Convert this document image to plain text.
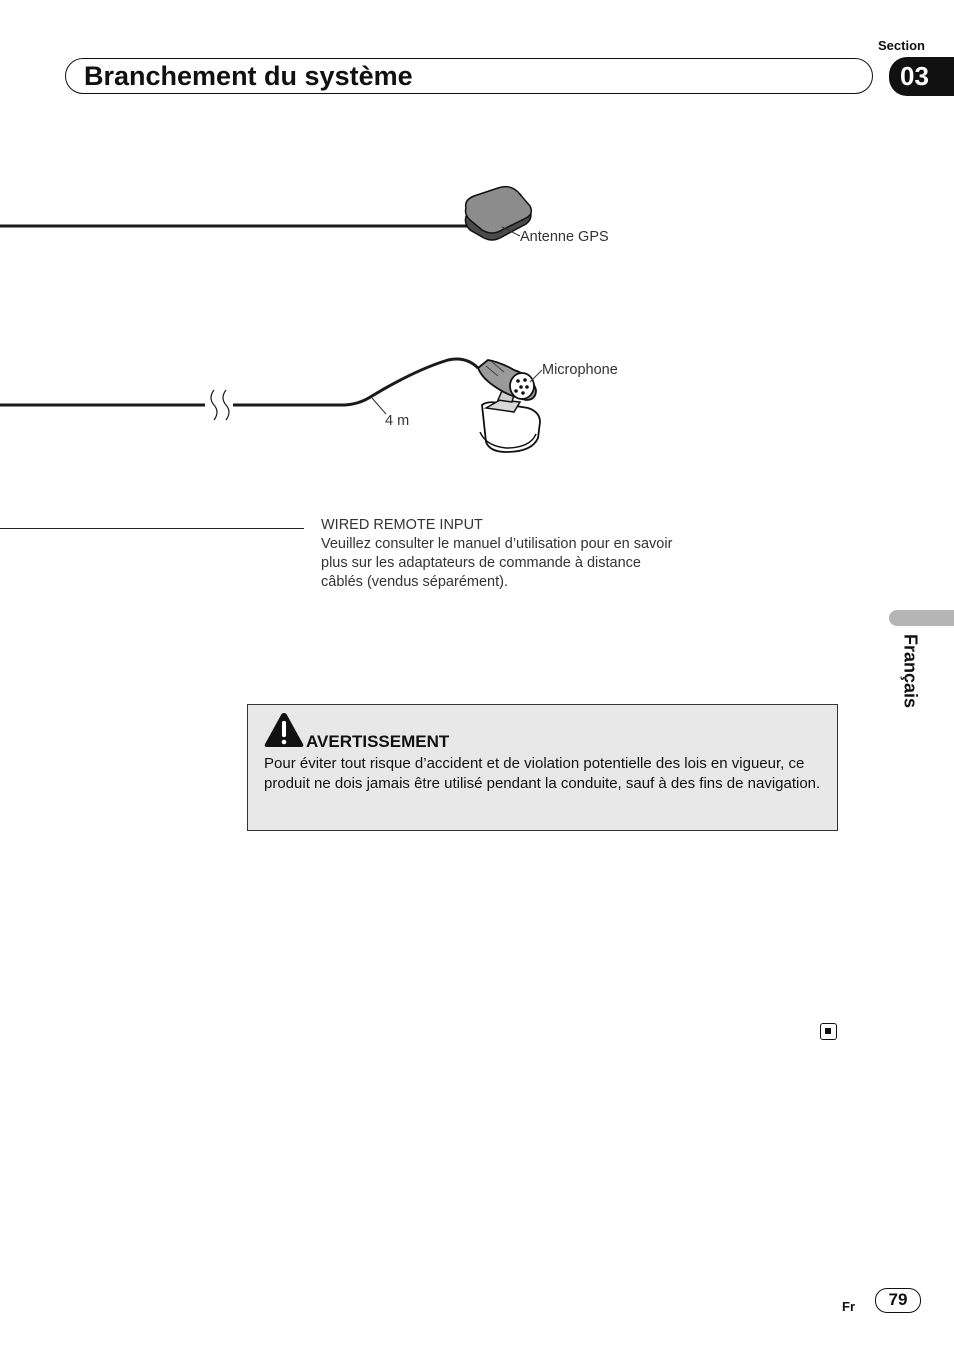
Section
Branchement du système	03
Antenne GPS
Microphone
4 m
WIRED REMOTE INPUT
Veuillez consulter le manuel d’utilisation pour en savoir plus sur les adaptateurs de commande à distance câblés (vendus séparément).
Français
AVERTISSEMENT
Pour éviter tout risque d’accident et de violation potentielle des lois en vigueur, ce produit ne dois jamais être utilisé pendant la conduite, sauf à des fins de navigation.
Fr	79
